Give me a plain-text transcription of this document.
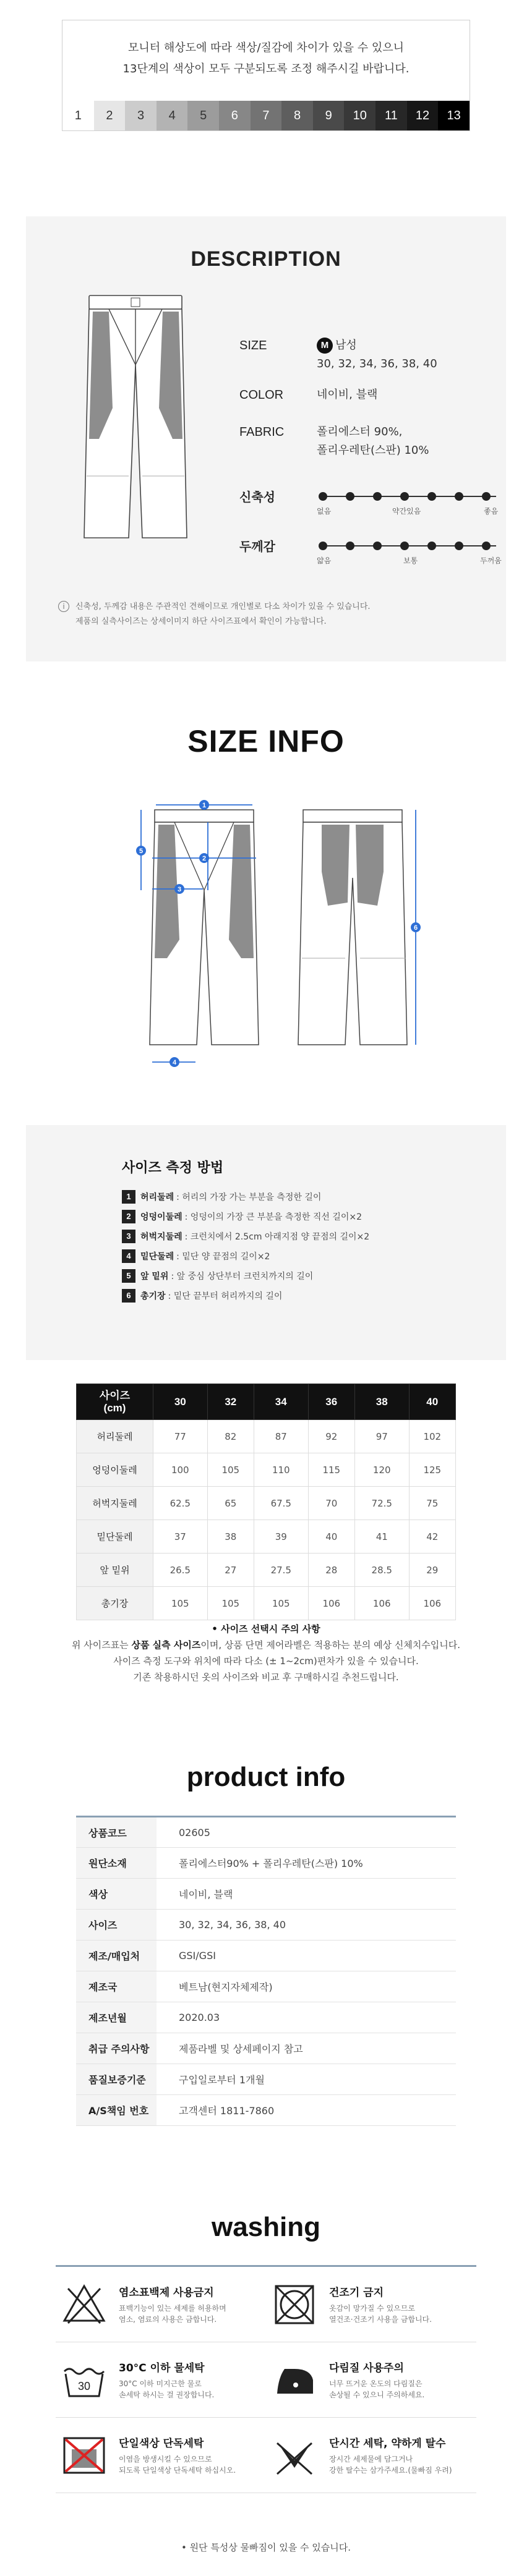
모니터 해상도에 따라 색상/질감에 차이가 있을 수 있으니
13단계의 색상이 모두 구분되도록 조정 해주시길 바랍니다.
1	2	3	4	5	6	7	8	9	10	11	12	13
DESCRIPTION
SIZE	M 남성
30, 32, 34, 36, 38, 40
COLOR	네이비, 블랙
FABRIC	폴리에스터 90%,
폴리우레탄(스판) 10%
신축성
없음	약간있음	좋음
두께감
얇음	보통	두꺼움
i	신축성, 두께감 내용은 주관적인 견해이므로 개인별로 다소 차이가 있을 수 있습니다.
제품의 실측사이즈는 상세이미지 하단 사이즈표에서 확인이 가능합니다.
SIZE INFO
1
2
3
4
5
6
사이즈 측정 방법
1	허리둘레 : 허리의 가장 가는 부분을 측정한 길이
2	엉덩이둘레 : 엉덩이의 가장 큰 부분을 측정한 직선 길이×2
3	허벅지둘레 : 크런치에서 2.5cm 아래지점 양 끝점의 길이×2
4	밑단둘레 : 밑단 양 끝점의 길이×2
5	앞 밑위 : 앞 중심 상단부터 크런치까지의 길이
6	총기장 : 밑단 끝부터 허리까지의 길이
사이즈
(cm)	30	32	34	36	38	40
허리둘레	77	82	87	92	97	102
엉덩이둘레	100	105	110	115	120	125
허벅지둘레	62.5	65	67.5	70	72.5	75
밑단둘레	37	38	39	40	41	42
앞 밑위	26.5	27	27.5	28	28.5	29
총기장	105	105	105	106	106	106
• 사이즈 선택시 주의 사항
위 사이즈표는 상품 실측 사이즈이며, 상품 단면 제어라벨은 적용하는 분의 예상 신체치수입니다.
사이즈 측정 도구와 위치에 따라 다소 (± 1~2cm)편차가 있을 수 있습니다.
기존 착용하시던 옷의 사이즈와 비교 후 구매하시길 추천드립니다.
product info
상품코드	02605
원단소재	폴리에스터90% + 폴리우레탄(스판) 10%
색상	네이비, 블랙
사이즈	30, 32, 34, 36, 38, 40
제조/매입처	GSI/GSI
제조국	베트남(현지자체제작)
제조년월	2020.03
취급 주의사항	제품라벨 및 상세페이지 참고
품질보증기준	구입일로부터 1개월
A/S책임 번호	고객센터 1811-7860
washing
염소표백제 사용금지
표백기능이 있는 세제를 허용하며
염소, 염료의 사용은 금합니다.
건조기 금지
옷감이 망가질 수 있으므로
열건조·건조기 사용을 금합니다.
30
30°C 이하 물세탁
30°C 이하 미지근한 물로
손세탁 하시는 걸 권장합니다.
다림질 사용주의
너무 뜨거운 온도의 다림질은
손상될 수 있으니 주의하세요.
단일색상 단독세탁
이염을 방생시킬 수 있으므로
되도록 단일색상 단독세탁 하십시오.
단시간 세탁, 약하게 탈수
장시간 세제물에 담그거나
강한 탈수는 삼가주세요.(물빠짐 우려)
• 원단 특성상 물빠짐이 있을 수 있습니다.
